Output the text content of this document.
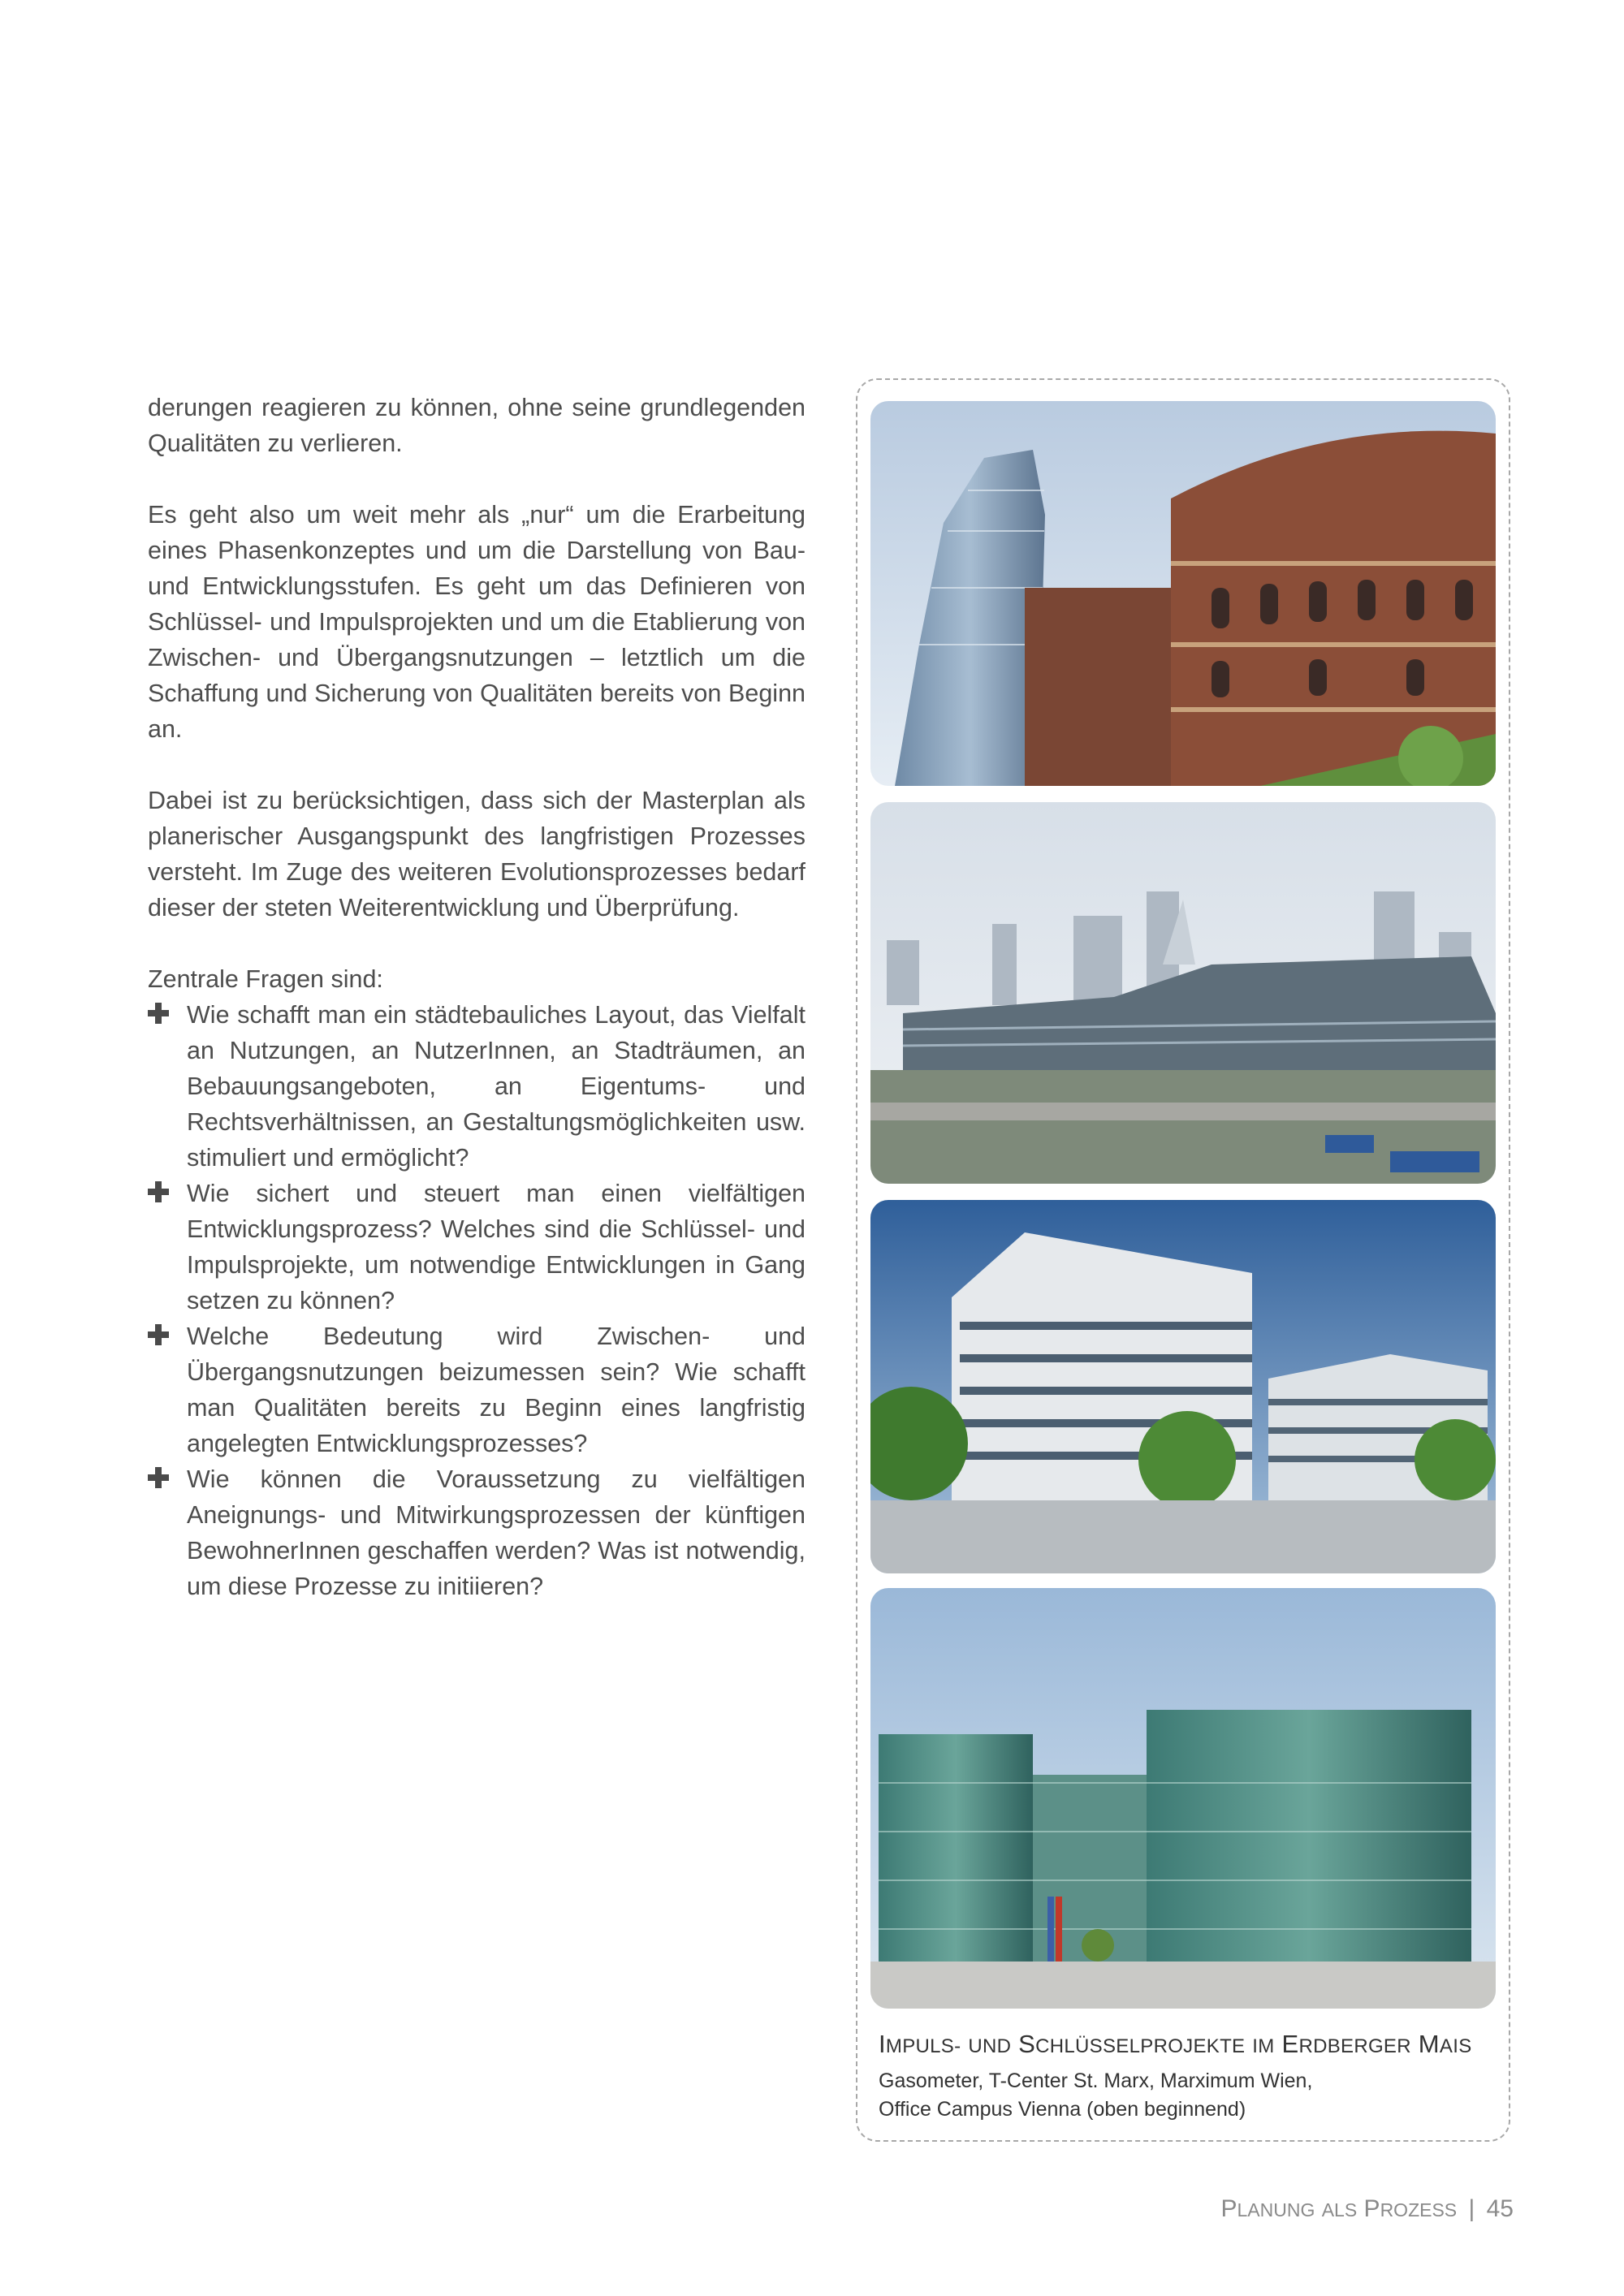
derungen reagieren zu können, ohne seine grundlegenden Qualitäten zu verlieren.

Es geht also um weit mehr als „nur“ um die Erarbeitung eines Phasenkonzeptes und um die Darstellung von Bau- und Entwicklungsstufen. Es geht um das Definieren von Schlüssel- und Impulsprojekten und um die Etablierung von Zwischen- und Übergangsnutzungen – letztlich um die Schaffung und Sicherung von Qualitäten bereits von Beginn an.

Dabei ist zu berücksichtigen, dass sich der Masterplan als planerischer Ausgangspunkt des langfristigen Prozesses versteht. Im Zuge des weiteren Evolutionsprozesses bedarf dieser der steten Weiterentwicklung und Überprüfung.

Zentrale Fragen sind:
Wie schafft man ein städtebauliches Layout, das Vielfalt an Nutzungen, an NutzerInnen, an Stadträumen, an Bebauungsangeboten, an Eigentums- und Rechtsverhältnissen, an Gestaltungsmöglichkeiten usw. stimuliert und ermöglicht?
Wie sichert und steuert man einen vielfältigen Entwicklungsprozess? Welches sind die Schlüssel- und Impulsprojekte, um notwendige Entwicklungen in Gang setzen zu können?
Welche Bedeutung wird Zwischen- und Übergangsnutzungen beizumessen sein? Wie schafft man Qualitäten bereits zu Beginn eines langfristig angelegten Entwicklungsprozesses?
Wie können die Voraussetzung zu vielfältigen Aneignungs- und Mitwirkungsprozessen der künftigen BewohnerInnen geschaffen werden? Was ist notwendig, um diese Prozesse zu initiieren?
IMPULS- UND SCHLÜSSELPROJEKTE IM ERDBERGER MAIS
Gasometer, T-Center St. Marx, Marximum Wien,
Office Campus Vienna (oben beginnend)
PLANUNG ALS PROZESS | 45
